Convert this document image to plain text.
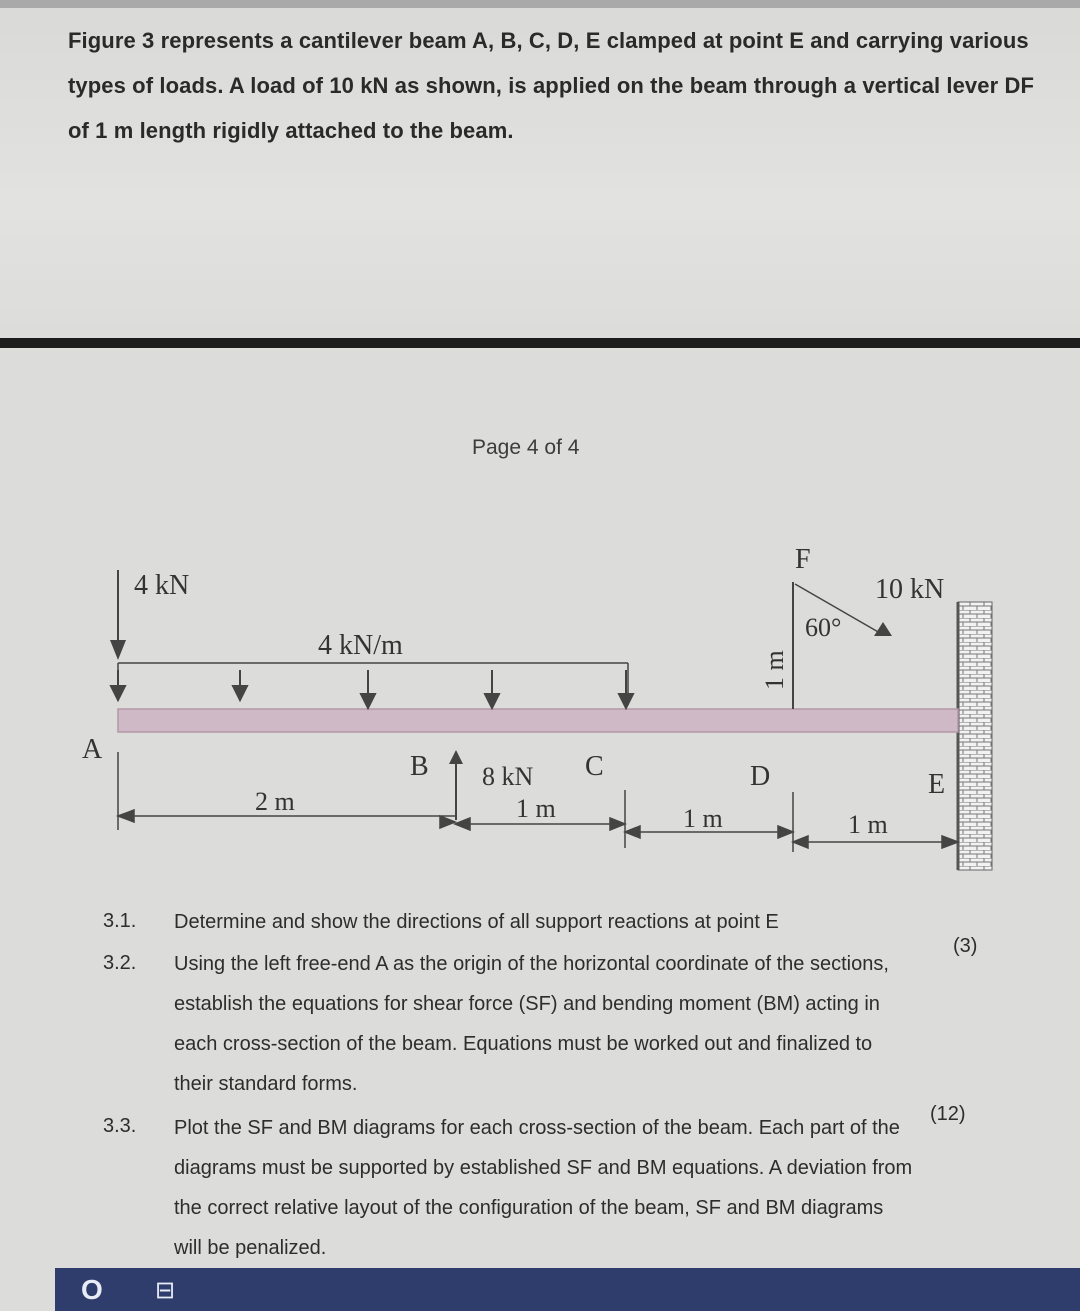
Figure 3 represents a cantilever beam A, B, C, D, E clamped at point E and carrying various types of loads. A load of 10 kN as shown, is applied on the beam through a vertical lever DF of 1 m length rigidly attached to the beam.
Page 4 of 4
4 kN
4 kN/m
A
B	C	D	E
8 kN
F
1 m
10 kN
60°
2 m	1 m	1 m	1 m
3.1. Determine and show the directions of all support reactions at point E
(3)
3.2. Using the left free-end A as the origin of the horizontal coordinate of the sections, establish the equations for shear force (SF) and bending moment (BM) acting in each cross-section of the beam. Equations must be worked out and finalized to their standard forms.
(12)
3.3. Plot the SF and BM diagrams for each cross-section of the beam. Each part of the diagrams must be supported by established SF and BM equations. A deviation from the correct relative layout of the configuration of the beam, SF and BM diagrams will be penalized.
O ⊟
